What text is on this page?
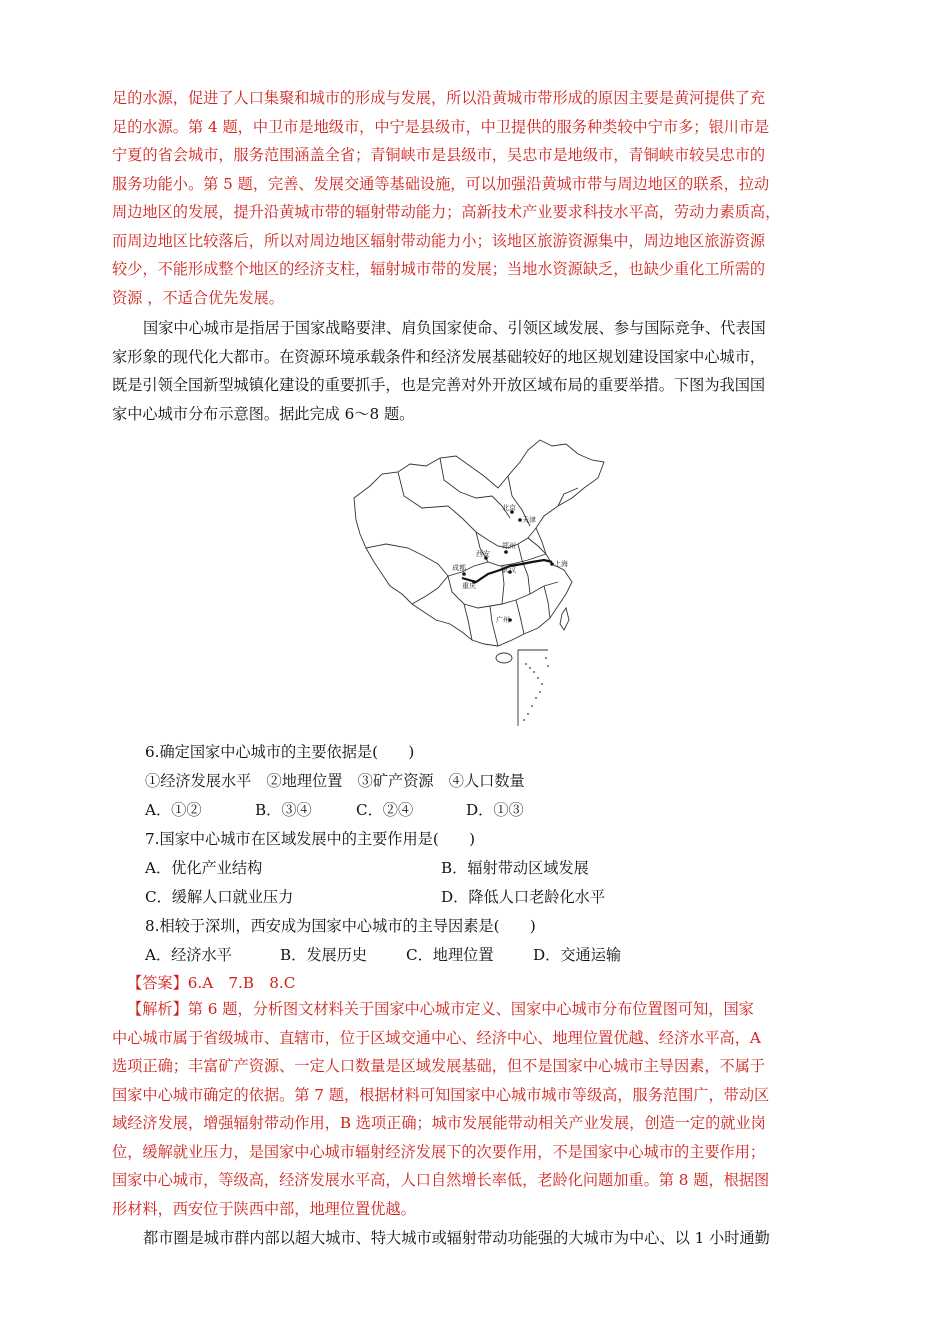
足的水源，促进了人口集聚和城市的形成与发展，所以沿黄城市带形成的原因主要是黄河提供了充
足的水源。第 4 题，中卫市是地级市，中宁是县级市，中卫提供的服务种类较中宁市多；银川市是
宁夏的省会城市，服务范围涵盖全省；青铜峡市是县级市，吴忠市是地级市，青铜峡市较吴忠市的
服务功能小。第 5 题，完善、发展交通等基础设施，可以加强沿黄城市带与周边地区的联系，拉动
周边地区的发展，提升沿黄城市带的辐射带动能力；高新技术产业要求科技水平高，劳动力素质高，
而周边地区比较落后，所以对周边地区辐射带动能力小；该地区旅游资源集中，周边地区旅游资源
较少，不能形成整个地区的经济支柱，辐射城市带的发展；当地水资源缺乏，也缺少重化工所需的
资源 ，不适合优先发展。
国家中心城市是指居于国家战略要津、肩负国家使命、引领区域发展、参与国际竞争、代表国
家形象的现代化大都市。在资源环境承载条件和经济发展基础较好的地区规划建设国家中心城市，
既是引领全国新型城镇化建设的重要抓手，也是完善对外开放区域布局的重要举措。下图为我国国
家中心城市分布示意图。据此完成 6～8 题。
北京
天津
西安
郑州
成都	武汉
重庆
上海
广州
6.确定国家中心城市的主要依据是(　　)
①经济发展水平　②地理位置　③矿产资源　④人口数量
A．①②	B．③④	C．②④	D．①③
7.国家中心城市在区域发展中的主要作用是(　　)
A．优化产业结构	B．辐射带动区域发展
C．缓解人口就业压力	D．降低人口老龄化水平
8.相较于深圳，西安成为国家中心城市的主导因素是(　　)
A．经济水平	B．发展历史	C．地理位置	D．交通运输
【答案】6.A　7.B　8.C
【解析】第 6 题，分析图文材料关于国家中心城市定义、国家中心城市分布位置图可知，国家
中心城市属于省级城市、直辖市，位于区域交通中心、经济中心、地理位置优越、经济水平高，A
选项正确；丰富矿产资源、一定人口数量是区域发展基础，但不是国家中心城市主导因素，不属于
国家中心城市确定的依据。第 7 题，根据材料可知国家中心城市城市等级高，服务范围广，带动区
域经济发展，增强辐射带动作用，B 选项正确；城市发展能带动相关产业发展，创造一定的就业岗
位，缓解就业压力，是国家中心城市辐射经济发展下的次要作用，不是国家中心城市的主要作用；
国家中心城市，等级高，经济发展水平高，人口自然增长率低，老龄化问题加重。第 8 题，根据图
形材料，西安位于陕西中部，地理位置优越。
都市圈是城市群内部以超大城市、特大城市或辐射带动功能强的大城市为中心、以 1 小时通勤
